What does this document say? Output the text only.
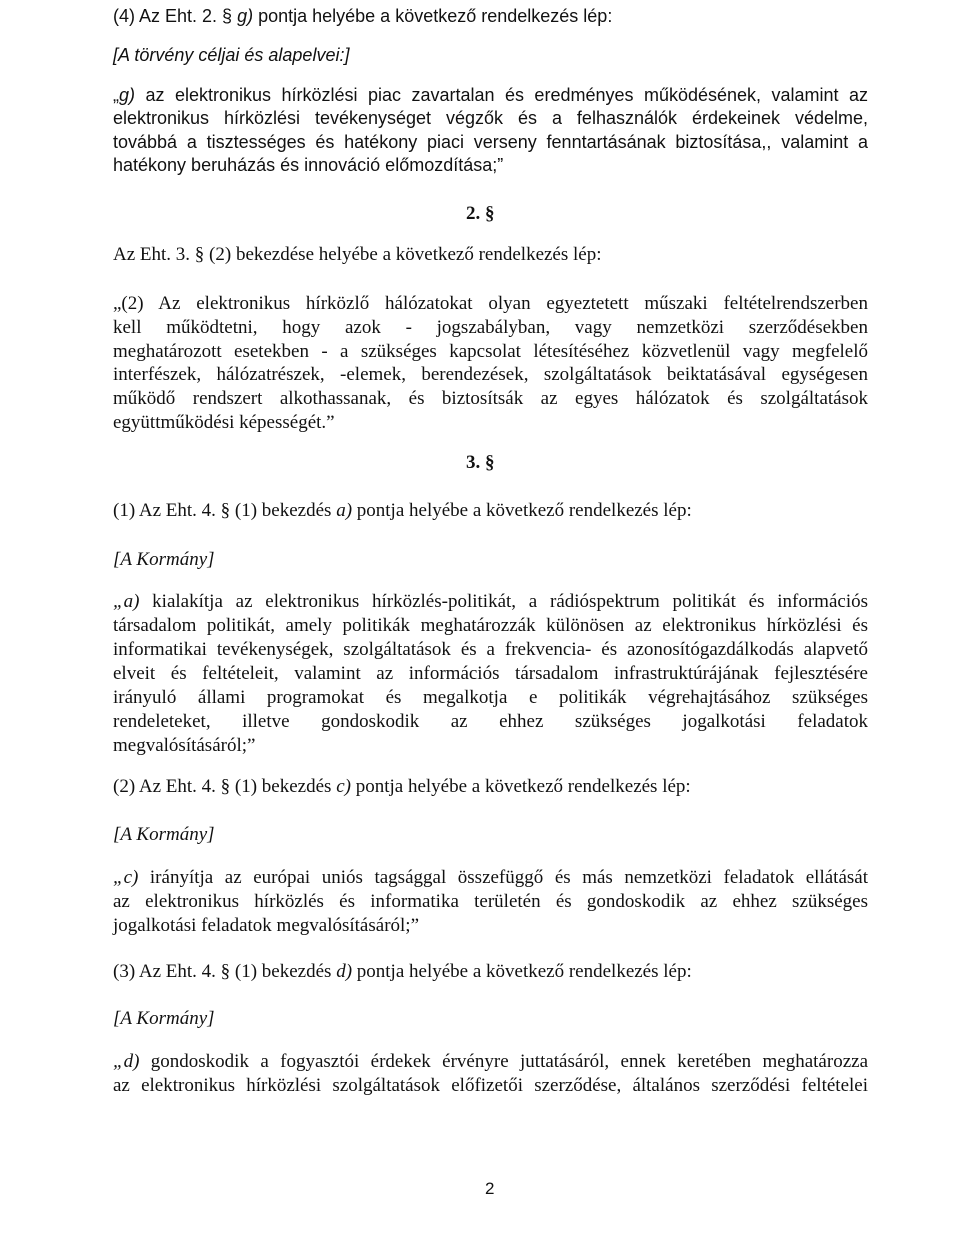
(4) Az Eht. 2. § g) pontja helyébe a következő rendelkezés lép:

[A törvény céljai és alapelvei:]

„g) az elektronikus hírközlési piac zavartalan és eredményes működésének, valamint az

elektronikus hírközlési tevékenységet végzők és a felhasználók érdekeinek védelme,

továbbá a tisztességes és hatékony piaci verseny fenntartásának biztosítása,, valamint a

hatékony beruházás és innováció előmozdítása;”

2. §

Az Eht. 3. § (2) bekezdése helyébe a következő rendelkezés lép:

„(2) Az elektronikus hírközlő hálózatokat olyan egyeztetett műszaki feltételrendszerben

kell működtetni, hogy azok - jogszabályban, vagy nemzetközi szerződésekben

meghatározott esetekben - a szükséges kapcsolat létesítéséhez közvetlenül vagy megfelelő

interfészek, hálózatrészek, -elemek, berendezések, szolgáltatások beiktatásával egységesen

működő rendszert alkothassanak, és biztosítsák az egyes hálózatok és szolgáltatások

együttműködési képességét.”

3. §

(1) Az Eht. 4. § (1) bekezdés a) pontja helyébe a következő rendelkezés lép:

[A Kormány]

„a) kialakítja az elektronikus hírközlés-politikát, a rádióspektrum politikát és információs

társadalom politikát, amely politikák meghatározzák különösen az elektronikus hírközlési és

informatikai tevékenységek, szolgáltatások és a frekvencia- és azonosítógazdálkodás alapvető

elveit és feltételeit, valamint az információs társadalom infrastruktúrájának fejlesztésére

irányuló állami programokat és megalkotja e politikák végrehajtásához szükséges

rendeleteket, illetve gondoskodik az ehhez szükséges jogalkotási feladatok

megvalósításáról;”

(2) Az Eht. 4. § (1) bekezdés c) pontja helyébe a következő rendelkezés lép:

[A Kormány]

„c) irányítja az európai uniós tagsággal összefüggő és más nemzetközi feladatok ellátását

az elektronikus hírközlés és informatika területén és gondoskodik az ehhez szükséges

jogalkotási feladatok megvalósításáról;”

(3) Az Eht. 4. § (1) bekezdés d) pontja helyébe a következő rendelkezés lép:

[A Kormány]

„d) gondoskodik a fogyasztói érdekek érvényre juttatásáról, ennek keretében meghatározza

az elektronikus hírközlési szolgáltatások előfizetői szerződése, általános szerződési feltételei

2
